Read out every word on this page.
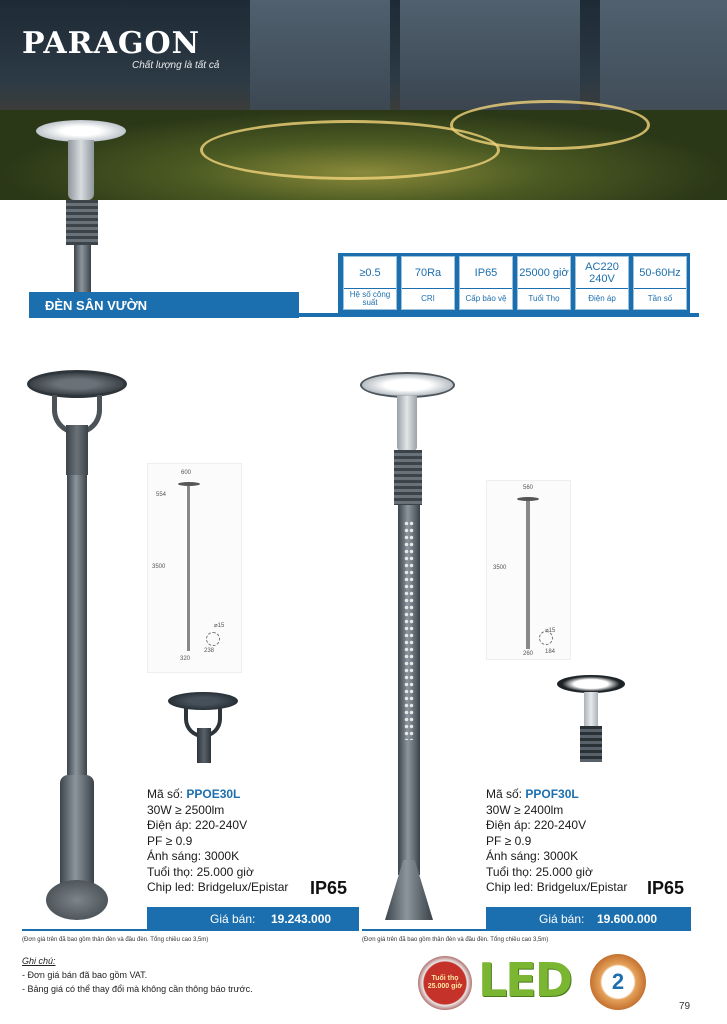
PARAGON
Chất lượng là tất cả
ĐÈN SÂN VƯỜN
≥0.5
Hệ số công suất
70Ra
CRI
IP65
Cấp bảo vệ
25000 giờ
Tuổi Thọ
AC220 240V
Điện áp
50-60Hz
Tần số
600
554
3500
320
238
⌀15
Mã số: PPOE30L
30W ≥ 2500lm
Điện áp: 220-240V
PF ≥ 0.9
Ánh sáng: 3000K
Tuổi thọ: 25.000 giờ
Chip led: Bridgelux/Epistar IP65
Giá bán: 19.243.000
(Đơn giá trên đã bao gồm thân đèn và đầu đèn. Tổng chiều cao 3,5m)
560
3500
260 184
⌀15
Mã số: PPOF30L
30W ≥ 2400lm
Điện áp: 220-240V
PF ≥ 0.9
Ánh sáng: 3000K
Tuổi thọ: 25.000 giờ
Chip led: Bridgelux/Epistar IP65
Giá bán: 19.600.000
(Đơn giá trên đã bao gồm thân đèn và đầu đèn. Tổng chiều cao 3,5m)
Ghi chú:
- Đơn giá bán đã bao gồm VAT.
- Bảng giá có thể thay đổi mà không cần thông báo trước.
Tuổi thọ 25.000 giờ LED 2
79
